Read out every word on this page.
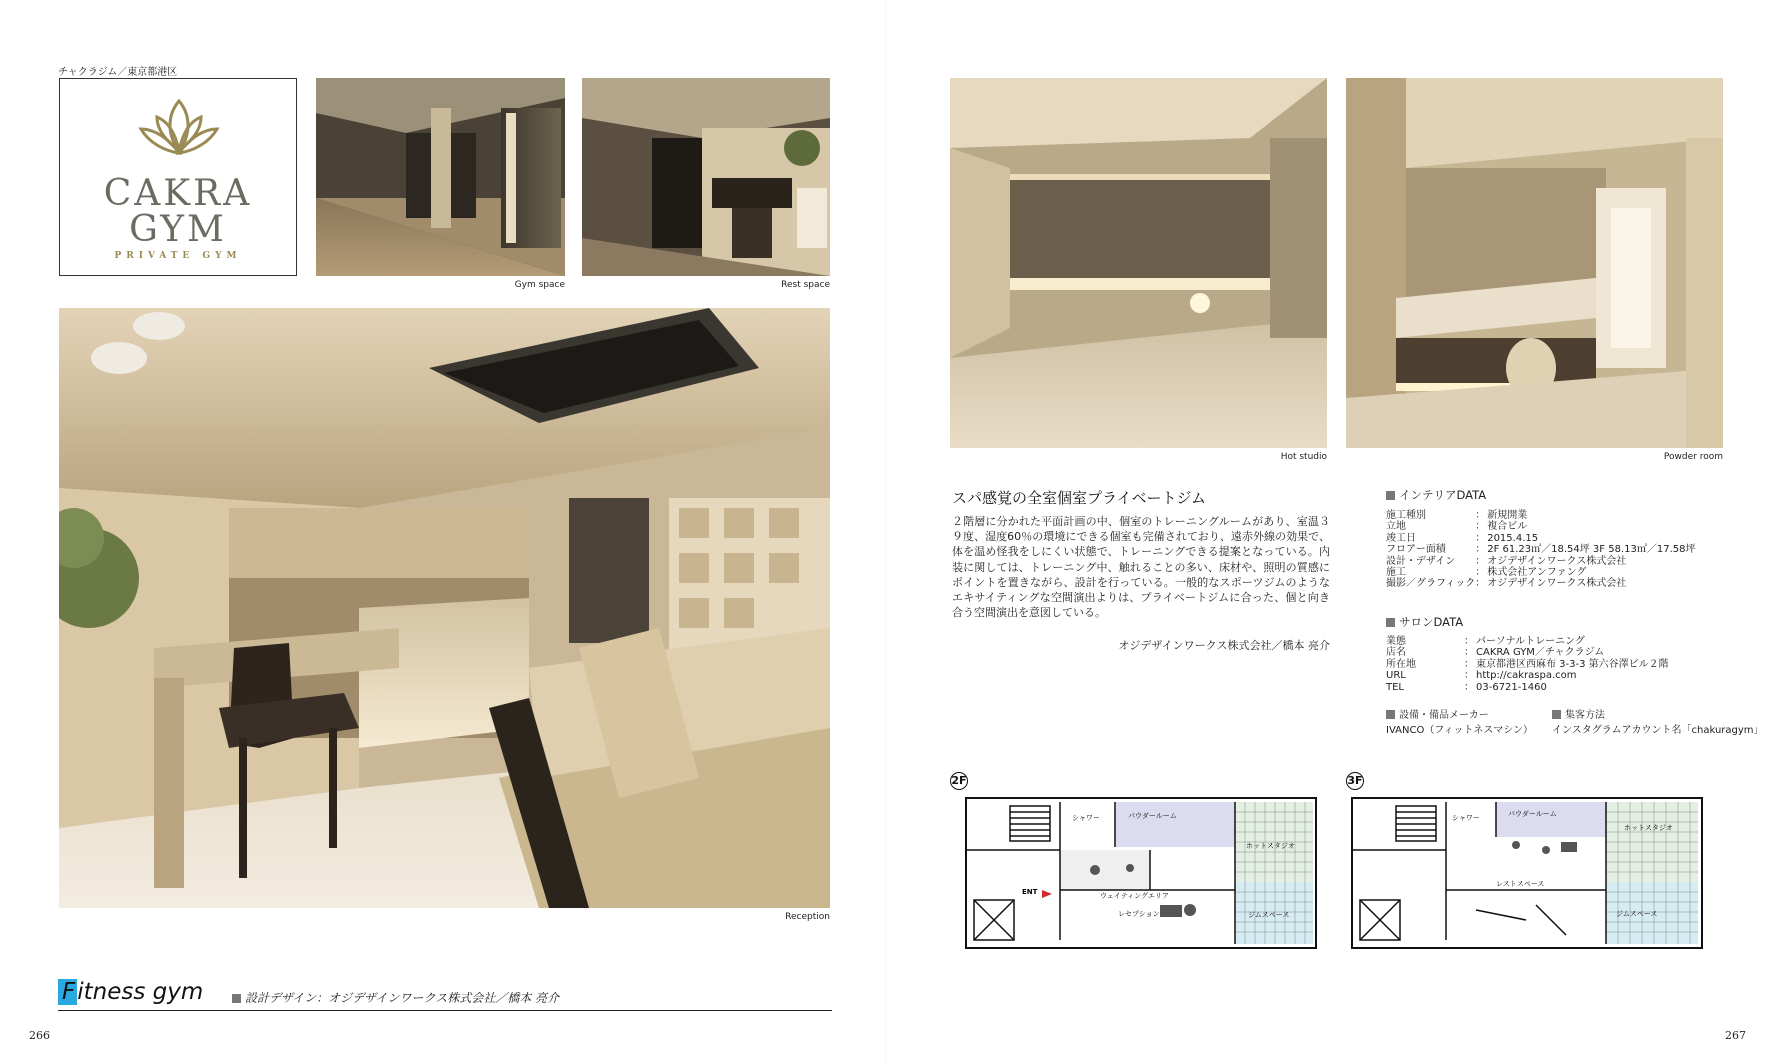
チャクラジム／東京都港区
CAKRA
GYM
PRIVATE GYM
Gym space	Rest space
Reception
Fitness gym	設計デザイン：オジデザインワークス株式会社／橋本 亮介
266
Hot studio	Powder room
スパ感覚の全室個室プライベートジム
２階層に分かれた平面計画の中、個室のトレーニングルームがあり、室温３９度、湿度60％の環境にできる個室も完備されており、遠赤外線の効果で、体を温め怪我をしにくい状態で、トレーニングできる提案となっている。内装に関しては、トレーニング中、触れることの多い、床材や、照明の質感にポイントを置きながら、設計を行っている。一般的なスポーツジムのようなエキサイティングな空間演出よりは、プライベートジムに合った、個と向き合う空間演出を意図している。
オジデザインワークス株式会社／橋本 亮介
インテリアDATA
施工種別	：	新規開業
立地	：	複合ビル
竣工日	：	2015.4.15
フロアー面積	：	2F 61.23㎡／18.54坪 3F 58.13㎡／17.58坪
設計・デザイン	：	オジデザインワークス株式会社
施工	：	株式会社アンファング
撮影／グラフィック	：	オジデザインワークス株式会社
サロンDATA
業態	：	パーソナルトレーニング
店名	：	CAKRA GYM／チャクラジム
所在地	：	東京都港区西麻布 3-3-3 第六谷澤ビル２階
URL	：	http://cakraspa.com
TEL	：	03-6721-1460
設備・備品メーカー	集客方法
IVANCO（フィットネスマシン） インスタグラムアカウント名「chakuragym」
2F
パウダールーム
ホットスタジオ
ウェイティングエリア
レセプション	ジムスペース
シャワー
ENT
3F
パウダールーム
ホットスタジオ
レストスペース
ジムスペース
シャワー
267
